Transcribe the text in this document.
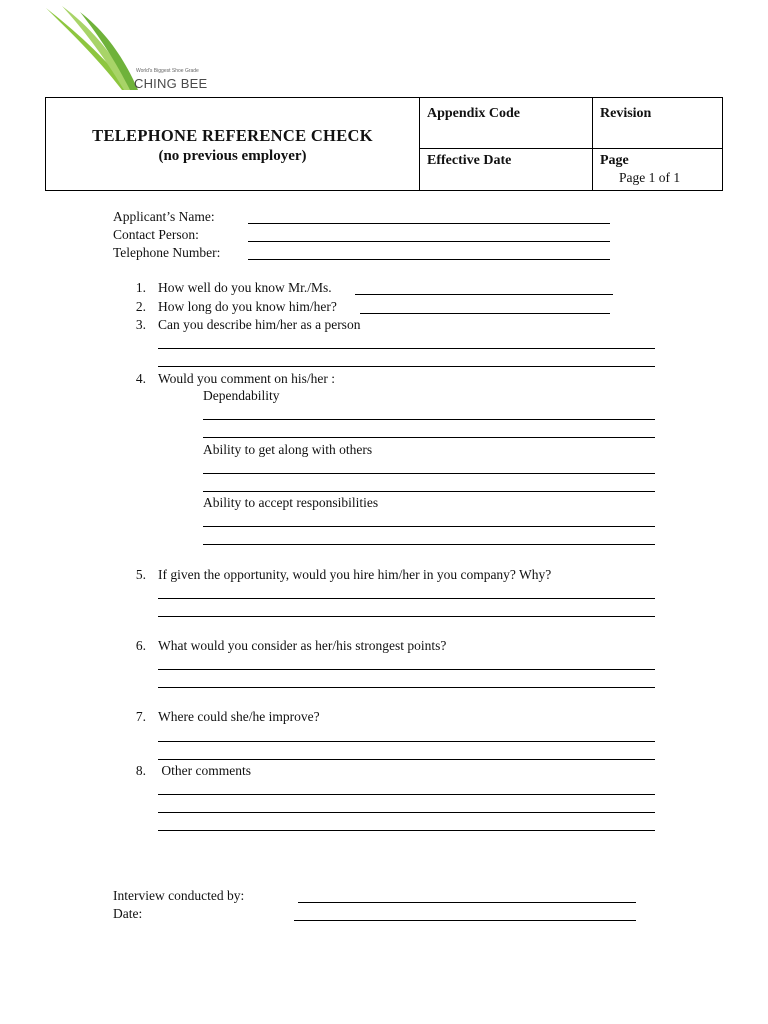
World's Biggest Shoe Grade
CHING BEE
TELEPHONE REFERENCE CHECK
(no previous employer)	Appendix Code	Revision

	Effective Date	Page
Page 1 of 1
Applicant’s Name:
Contact Person:
Telephone Number:
1. How well do you know Mr./Ms.
2. How long do you know him/her?
3. Can you describe him/her as a person
4. Would you comment on his/her :
Dependability
Ability to get along with others
Ability to accept responsibilities
5. If given the opportunity, would you hire him/her in you company? Why?
6. What would you consider as her/his strongest points?
7. Where could she/he improve?
8. Other comments
Interview conducted by:
Date:
